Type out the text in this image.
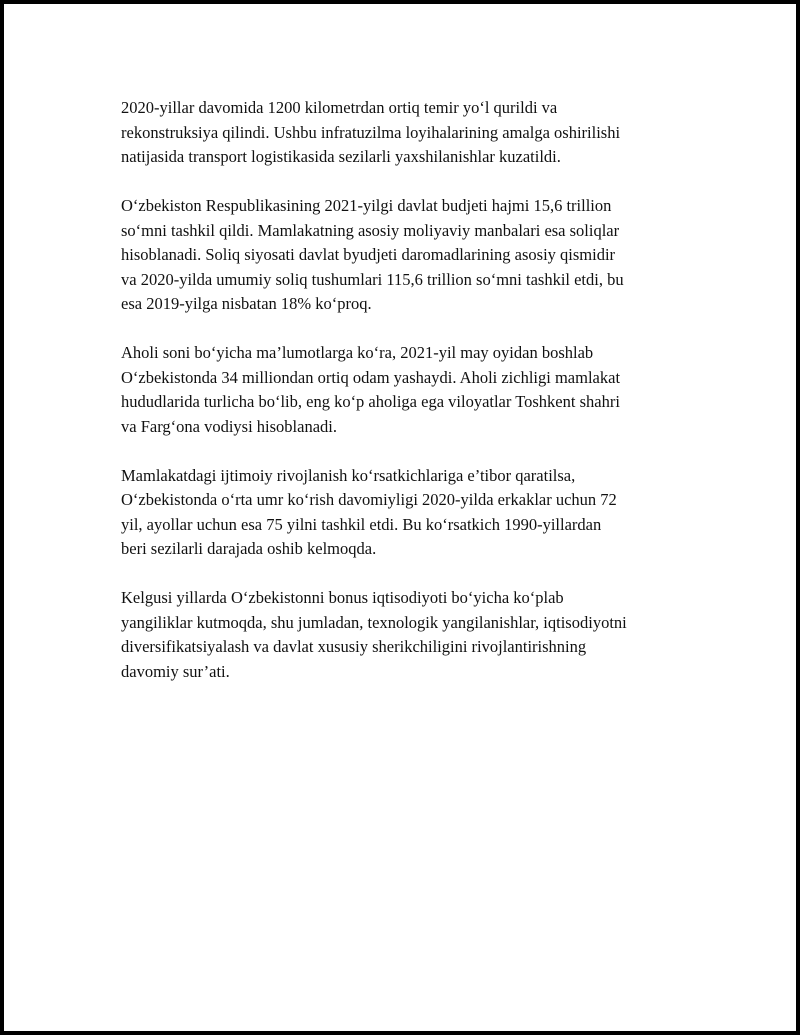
2020-yillar davomida 1200 kilometrdan ortiq temir yo‘l qurildi va
rekonstruksiya qilindi. Ushbu infratuzilma loyihalarining amalga oshirilishi
natijasida transport logistikasida sezilarli yaxshilanishlar kuzatildi.

O‘zbekiston Respublikasining 2021-yilgi davlat budjeti hajmi 15,6 trillion
so‘mni tashkil qildi. Mamlakatning asosiy moliyaviy manbalari esa soliqlar
hisoblanadi. Soliq siyosati davlat byudjeti daromadlarining asosiy qismidir
va 2020-yilda umumiy soliq tushumlari 115,6 trillion so‘mni tashkil etdi, bu
esa 2019-yilga nisbatan 18% ko‘proq.

Aholi soni bo‘yicha ma’lumotlarga ko‘ra, 2021-yil may oyidan boshlab
O‘zbekistonda 34 milliondan ortiq odam yashaydi. Aholi zichligi mamlakat
hududlarida turlicha bo‘lib, eng ko‘p aholiga ega viloyatlar Toshkent shahri
va Farg‘ona vodiysi hisoblanadi.

Mamlakatdagi ijtimoiy rivojlanish ko‘rsatkichlariga e’tibor qaratilsa,
O‘zbekistonda o‘rta umr ko‘rish davomiyligi 2020-yilda erkaklar uchun 72
yil, ayollar uchun esa 75 yilni tashkil etdi. Bu ko‘rsatkich 1990-yillardan
beri sezilarli darajada oshib kelmoqda.

Kelgusi yillarda O‘zbekistonni bonus iqtisodiyoti bo‘yicha ko‘plab
yangiliklar kutmoqda, shu jumladan, texnologik yangilanishlar, iqtisodiyotni
diversifikatsiyalash va davlat xususiy sherikchiligini rivojlantirishning
davomiy sur’ati.
